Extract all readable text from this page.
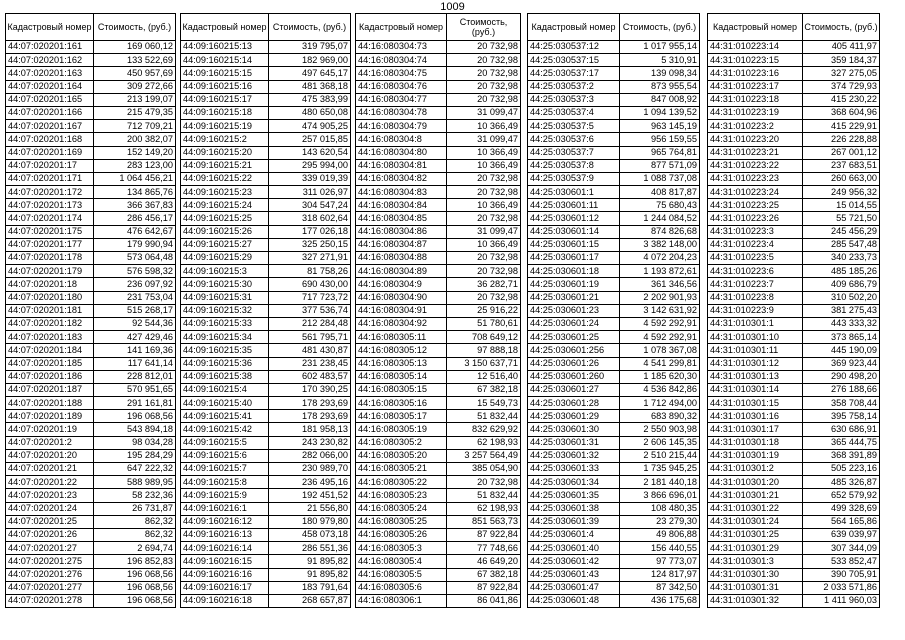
1009
Кадастровый номер	Стоимость, (руб.)
44:07:020201:161	169 060,12
44:07:020201:162	133 522,69
44:07:020201:163	450 957,69
44:07:020201:164	309 272,66
44:07:020201:165	213 199,07
44:07:020201:166	215 479,35
44:07:020201:167	712 709,21
44:07:020201:168	200 382,07
44:07:020201:169	152 149,20
44:07:020201:17	283 123,00
44:07:020201:171	1 064 456,21
44:07:020201:172	134 865,76
44:07:020201:173	366 367,83
44:07:020201:174	286 456,17
44:07:020201:175	476 642,67
44:07:020201:177	179 990,94
44:07:020201:178	573 064,48
44:07:020201:179	576 598,32
44:07:020201:18	236 097,92
44:07:020201:180	231 753,04
44:07:020201:181	515 268,17
44:07:020201:182	92 544,36
44:07:020201:183	427 429,46
44:07:020201:184	141 169,36
44:07:020201:185	117 641,14
44:07:020201:186	228 812,01
44:07:020201:187	570 951,65
44:07:020201:188	291 161,81
44:07:020201:189	196 068,56
44:07:020201:19	543 894,18
44:07:020201:2	98 034,28
44:07:020201:20	195 284,29
44:07:020201:21	647 222,32
44:07:020201:22	588 989,95
44:07:020201:23	58 232,36
44:07:020201:24	26 731,87
44:07:020201:25	862,32
44:07:020201:26	862,32
44:07:020201:27	2 694,74
44:07:020201:275	196 852,83
44:07:020201:276	196 068,56
44:07:020201:277	196 068,56
44:07:020201:278	196 068,56
Кадастровый номер	Стоимость, (руб.)
44:09:160215:13	319 795,07
44:09:160215:14	182 969,00
44:09:160215:15	497 645,17
44:09:160215:16	481 368,18
44:09:160215:17	475 383,99
44:09:160215:18	480 650,08
44:09:160215:19	474 905,25
44:09:160215:2	257 015,85
44:09:160215:20	143 620,54
44:09:160215:21	295 994,00
44:09:160215:22	339 019,39
44:09:160215:23	311 026,97
44:09:160215:24	304 547,24
44:09:160215:25	318 602,64
44:09:160215:26	177 026,18
44:09:160215:27	325 250,15
44:09:160215:29	327 271,91
44:09:160215:3	81 758,26
44:09:160215:30	690 430,00
44:09:160215:31	717 723,72
44:09:160215:32	377 536,74
44:09:160215:33	212 284,48
44:09:160215:34	561 795,71
44:09:160215:35	481 430,87
44:09:160215:36	231 238,45
44:09:160215:38	602 483,57
44:09:160215:4	170 390,25
44:09:160215:40	178 293,69
44:09:160215:41	178 293,69
44:09:160215:42	181 958,13
44:09:160215:5	243 230,82
44:09:160215:6	282 066,00
44:09:160215:7	230 989,70
44:09:160215:8	236 495,16
44:09:160215:9	192 451,52
44:09:160216:1	21 556,80
44:09:160216:12	180 979,80
44:09:160216:13	458 073,18
44:09:160216:14	286 551,36
44:09:160216:15	91 895,82
44:09:160216:16	91 895,82
44:09:160216:17	183 791,64
44:09:160216:18	268 657,87
Кадастровый номер	Стоимость, (руб.)
44:16:080304:73	20 732,98
44:16:080304:74	20 732,98
44:16:080304:75	20 732,98
44:16:080304:76	20 732,98
44:16:080304:77	20 732,98
44:16:080304:78	31 099,47
44:16:080304:79	10 366,49
44:16:080304:8	31 099,47
44:16:080304:80	10 366,49
44:16:080304:81	10 366,49
44:16:080304:82	20 732,98
44:16:080304:83	20 732,98
44:16:080304:84	10 366,49
44:16:080304:85	20 732,98
44:16:080304:86	31 099,47
44:16:080304:87	10 366,49
44:16:080304:88	20 732,98
44:16:080304:89	20 732,98
44:16:080304:9	36 282,71
44:16:080304:90	20 732,98
44:16:080304:91	25 916,22
44:16:080304:92	51 780,61
44:16:080305:11	708 649,12
44:16:080305:12	97 888,18
44:16:080305:13	3 150 637,71
44:16:080305:14	12 516,40
44:16:080305:15	67 382,18
44:16:080305:16	15 549,73
44:16:080305:17	51 832,44
44:16:080305:19	832 629,92
44:16:080305:2	62 198,93
44:16:080305:20	3 257 564,49
44:16:080305:21	385 054,90
44:16:080305:22	20 732,98
44:16:080305:23	51 832,44
44:16:080305:24	62 198,93
44:16:080305:25	851 563,73
44:16:080305:26	87 922,84
44:16:080305:3	77 748,66
44:16:080305:4	46 649,20
44:16:080305:5	67 382,18
44:16:080305:6	87 922,84
44:16:080306:1	86 041,86
Кадастровый номер	Стоимость, (руб.)
44:25:030537:12	1 017 955,14
44:25:030537:15	5 310,91
44:25:030537:17	139 098,34
44:25:030537:2	873 955,54
44:25:030537:3	847 008,92
44:25:030537:4	1 094 139,52
44:25:030537:5	963 145,19
44:25:030537:6	956 159,55
44:25:030537:7	965 764,81
44:25:030537:8	877 571,09
44:25:030537:9	1 088 737,08
44:25:030601:1	408 817,87
44:25:030601:11	75 680,43
44:25:030601:12	1 244 084,52
44:25:030601:14	874 826,68
44:25:030601:15	3 382 148,00
44:25:030601:17	4 072 204,23
44:25:030601:18	1 193 872,61
44:25:030601:19	361 346,56
44:25:030601:21	2 202 901,93
44:25:030601:23	3 142 631,92
44:25:030601:24	4 592 292,91
44:25:030601:25	4 592 292,91
44:25:030601:256	1 078 367,08
44:25:030601:26	4 541 299,81
44:25:030601:260	1 185 620,30
44:25:030601:27	4 536 842,86
44:25:030601:28	1 712 494,00
44:25:030601:29	683 890,32
44:25:030601:30	2 550 903,98
44:25:030601:31	2 606 145,35
44:25:030601:32	2 510 215,44
44:25:030601:33	1 735 945,25
44:25:030601:34	2 181 440,18
44:25:030601:35	3 866 696,01
44:25:030601:38	108 480,35
44:25:030601:39	23 279,30
44:25:030601:4	49 806,88
44:25:030601:40	156 440,55
44:25:030601:42	97 773,07
44:25:030601:43	124 817,97
44:25:030601:47	87 342,50
44:25:030601:48	436 175,68
Кадастровый номер	Стоимость, (руб.)
44:31:010223:14	405 411,97
44:31:010223:15	359 184,37
44:31:010223:16	327 275,05
44:31:010223:17	374 729,93
44:31:010223:18	415 230,22
44:31:010223:19	368 604,96
44:31:010223:2	415 229,91
44:31:010223:20	226 228,88
44:31:010223:21	267 001,12
44:31:010223:22	237 683,51
44:31:010223:23	260 663,00
44:31:010223:24	249 956,32
44:31:010223:25	15 014,55
44:31:010223:26	55 721,50
44:31:010223:3	245 456,29
44:31:010223:4	285 547,48
44:31:010223:5	340 233,73
44:31:010223:6	485 185,26
44:31:010223:7	409 686,79
44:31:010223:8	310 502,20
44:31:010223:9	381 275,43
44:31:010301:1	443 333,32
44:31:010301:10	373 865,14
44:31:010301:11	445 190,09
44:31:010301:12	369 923,44
44:31:010301:13	290 498,20
44:31:010301:14	276 188,66
44:31:010301:15	358 708,44
44:31:010301:16	395 758,14
44:31:010301:17	630 686,91
44:31:010301:18	365 444,75
44:31:010301:19	368 391,89
44:31:010301:2	505 223,16
44:31:010301:20	485 326,87
44:31:010301:21	652 579,92
44:31:010301:22	499 328,69
44:31:010301:24	564 165,86
44:31:010301:25	639 039,97
44:31:010301:29	307 344,09
44:31:010301:3	533 852,47
44:31:010301:30	390 705,91
44:31:010301:31	2 033 571,86
44:31:010301:32	1 411 960,03
